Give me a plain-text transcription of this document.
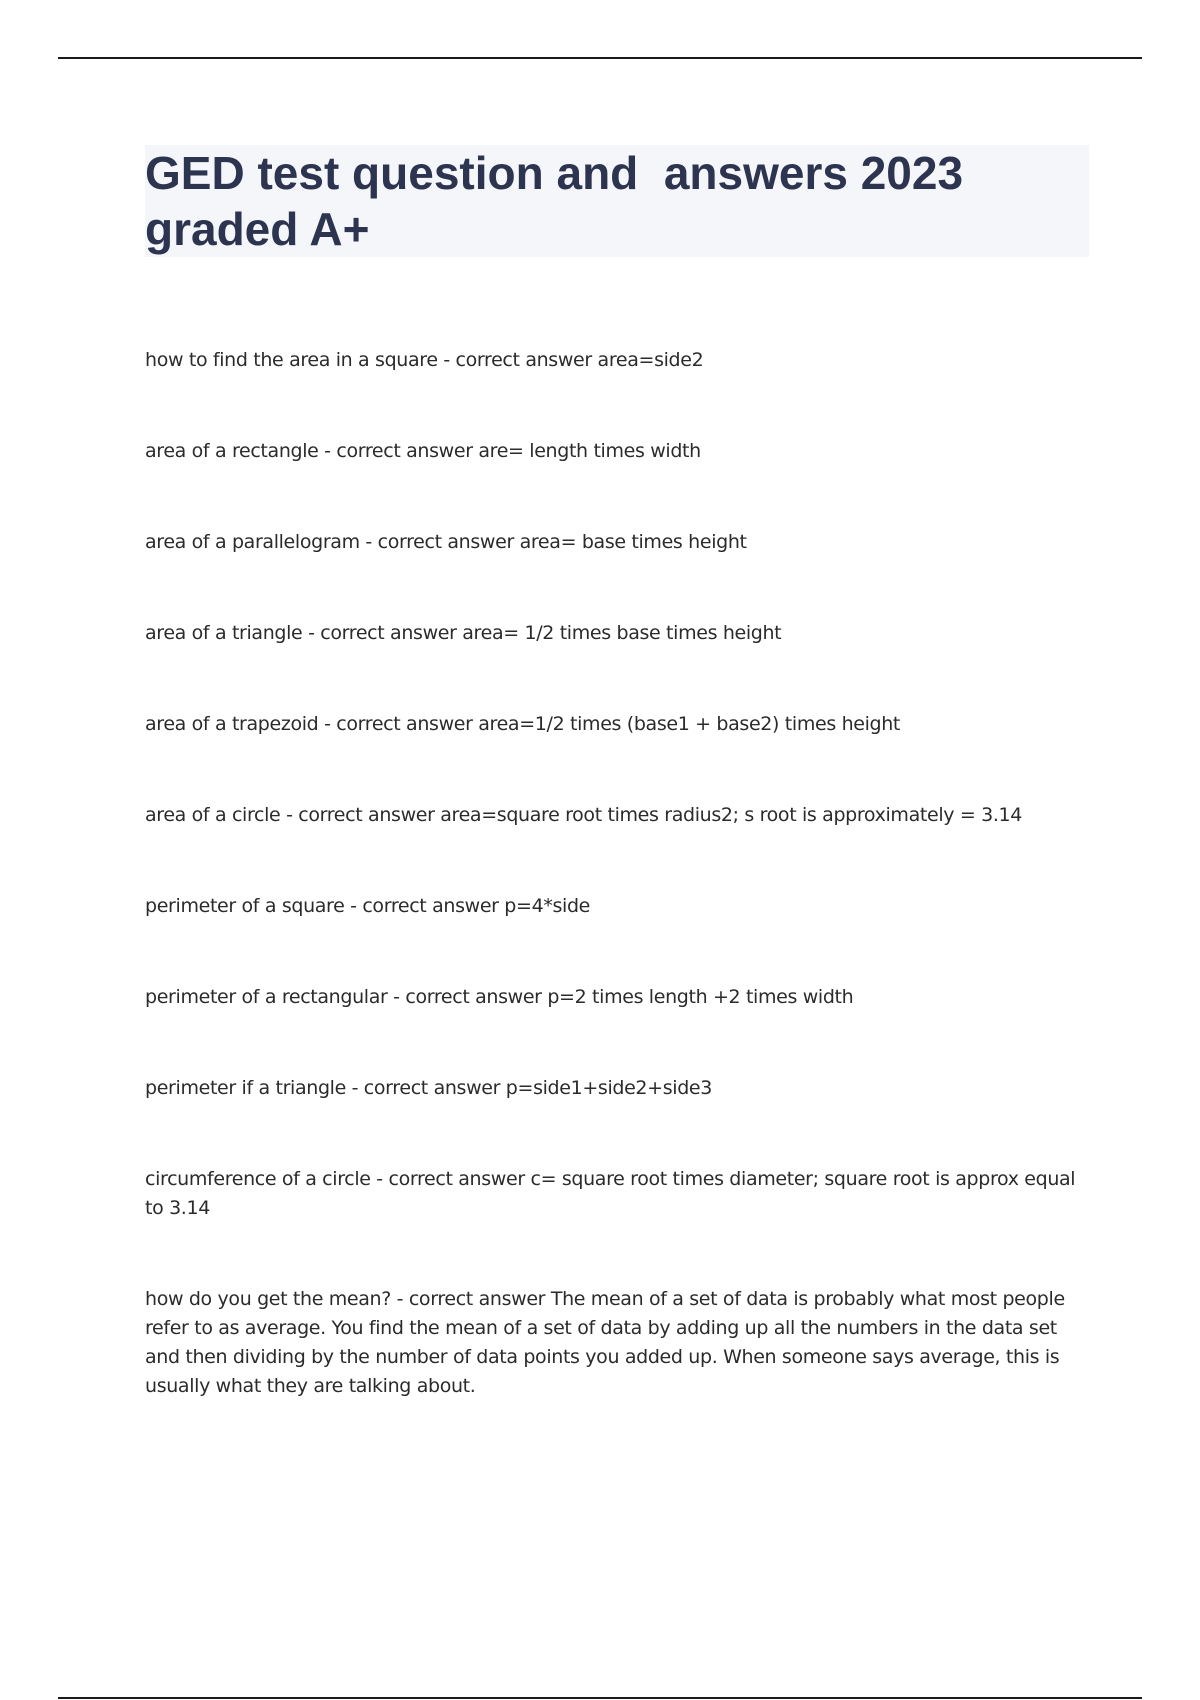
GED test question and  answers 2023 graded A+
how to find the area in a square - correct answer area=side2
area of a rectangle - correct answer are= length times width
area of a parallelogram - correct answer area= base times height
area of a triangle - correct answer area= 1/2 times base times height
area of a trapezoid - correct answer area=1/2 times (base1 + base2) times height
area of a circle - correct answer area=square root times radius2; s root is approximately = 3.14
perimeter of a square - correct answer p=4*side
perimeter of a rectangular - correct answer p=2 times length +2 times width
perimeter if a triangle - correct answer p=side1+side2+side3
circumference of a circle - correct answer c= square root times diameter; square root is approx equal to 3.14
how do you get the mean? - correct answer The mean of a set of data is probably what most people refer to as average. You find the mean of a set of data by adding up all the numbers in the data set and then dividing by the number of data points you added up. When someone says average, this is usually what they are talking about.
